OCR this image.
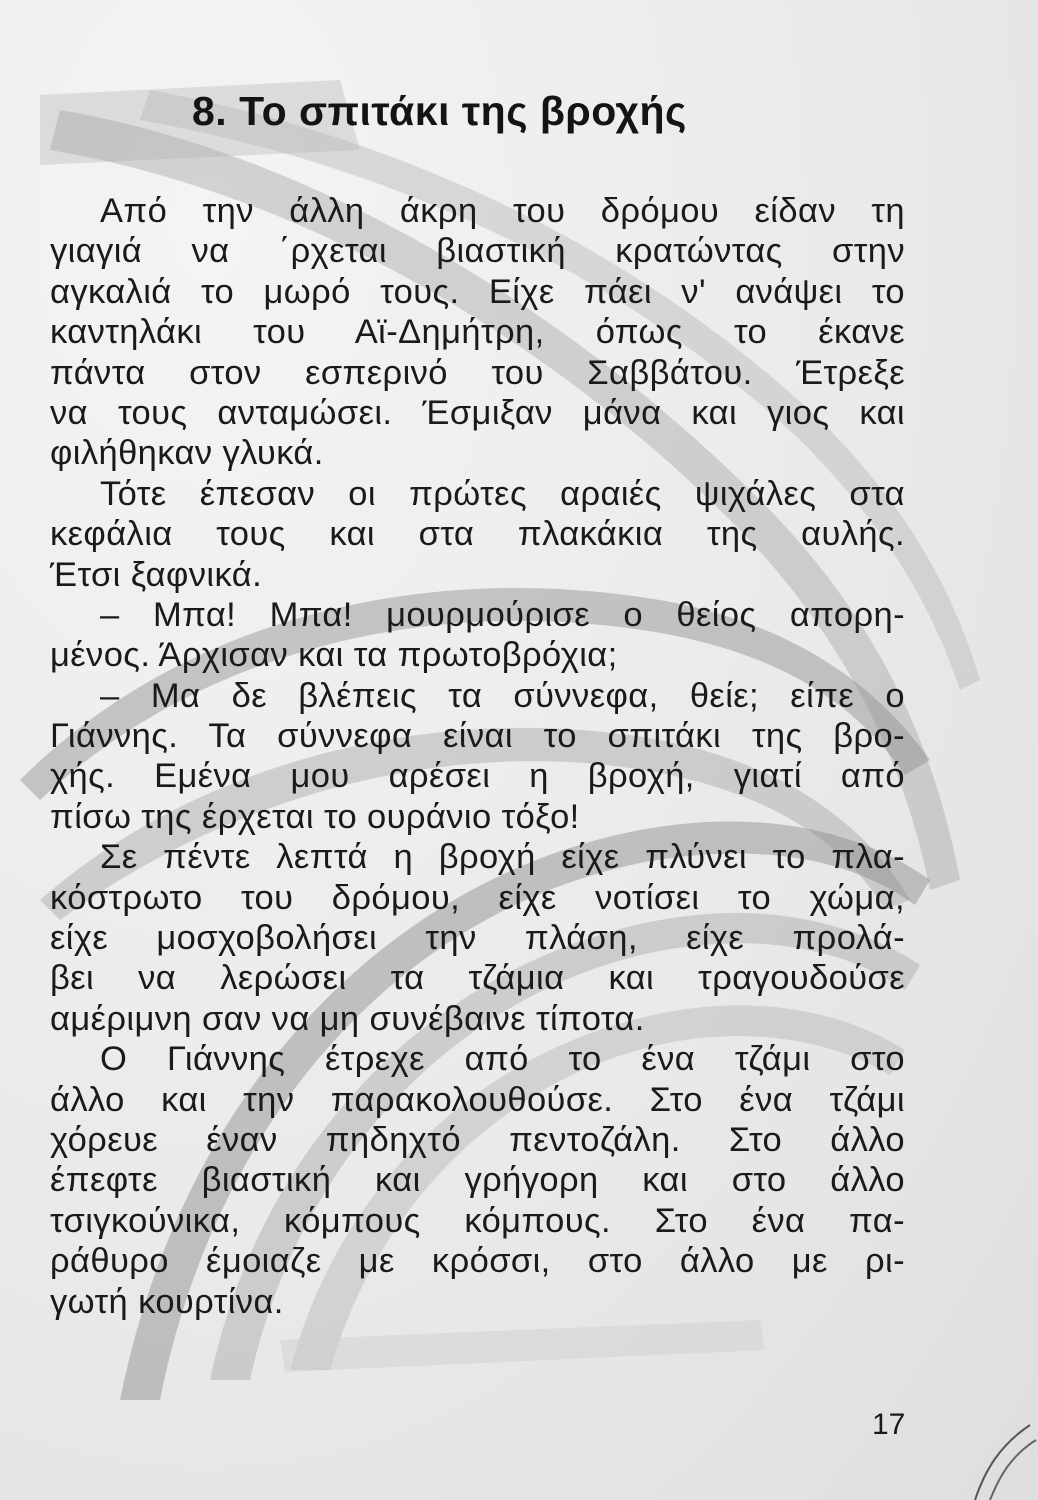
8. Το σπιτάκι της βροχής
Από την άλλη άκρη του δρόμου είδαν τη
γιαγιά να ΄ρχεται βιαστική κρατώντας στην
αγκαλιά το μωρό τους. Είχε πάει ν' ανάψει το
καντηλάκι του Αϊ-Δημήτρη, όπως το έκανε
πάντα στον εσπερινό του Σαββάτου. Έτρεξε
να τους ανταμώσει. Έσμιξαν μάνα και γιος και
φιλήθηκαν γλυκά.
Τότε έπεσαν οι πρώτες αραιές ψιχάλες στα
κεφάλια τους και στα πλακάκια της αυλής.
Έτσι ξαφνικά.
– Μπα! Μπα! μουρμούρισε ο θείος απορη-
μένος. Άρχισαν και τα πρωτοβρόχια;
– Μα δε βλέπεις τα σύννεφα, θείε; είπε ο
Γιάννης. Τα σύννεφα είναι το σπιτάκι της βρο-
χής. Εμένα μου αρέσει η βροχή, γιατί από
πίσω της έρχεται το ουράνιο τόξο!
Σε πέντε λεπτά η βροχή είχε πλύνει το πλα-
κόστρωτο του δρόμου, είχε νοτίσει το χώμα,
είχε μοσχοβολήσει την πλάση, είχε προλά-
βει να λερώσει τα τζάμια και τραγουδούσε
αμέριμνη σαν να μη συνέβαινε τίποτα.
Ο Γιάννης έτρεχε από το ένα τζάμι στο
άλλο και την παρακολουθούσε. Στο ένα τζάμι
χόρευε έναν πηδηχτό πεντοζάλη. Στο άλλο
έπεφτε βιαστική και γρήγορη και στο άλλο
τσιγκούνικα, κόμπους κόμπους. Στο ένα πα-
ράθυρο έμοιαζε με κρόσσι, στο άλλο με ρι-
γωτή κουρτίνα.
17
